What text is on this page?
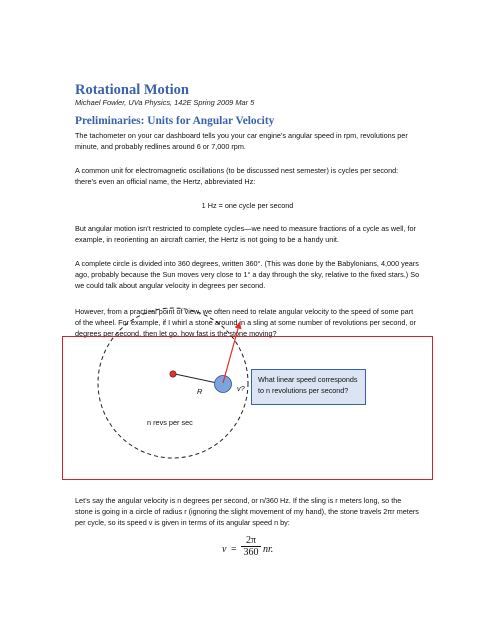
Rotational Motion
Michael Fowler, UVa Physics, 142E Spring 2009 Mar 5
Preliminaries: Units for Angular Velocity

The tachometer on your car dashboard tells you your car engine’s angular speed in rpm, revolutions per minute, and probably redlines around 6 or 7,000 rpm.

A common unit for electromagnetic oscillations (to be discussed nest semester) is cycles per second: there’s even an official name, the Hertz, abbreviated Hz:

1 Hz = one cycle per second

But angular motion isn’t restricted to complete cycles—we need to measure fractions of a cycle as well, for example, in reorienting an aircraft carrier, the Hertz is not going to be a handy unit.

A complete circle is divided into 360 degrees, written 360°. (This was done by the Babylonians, 4,000 years ago, probably because the Sun moves very close to 1° a day through the sky, relative to the fixed stars.) So we could talk about angular velocity in degrees per second.

However, from a practical point of view, we often need to relate angular velocity to the speed of some part of the wheel. For example, if I whirl a stone around in a sling at some number of revolutions per second, or degrees per second, then let go, how fast is the stone moving?

R	v?
n revs per sec
What linear speed corresponds to n revolutions per second?

Let’s say the angular velocity is n degrees per second, or n/360 Hz. If the sling is r meters long, so the stone is going in a circle of radius r (ignoring the slight movement of my hand), the stone travels 2πr meters per cycle, so its speed v is given in terms of its angular speed n by:

$v = \frac{2\pi}{360}$ nr.
